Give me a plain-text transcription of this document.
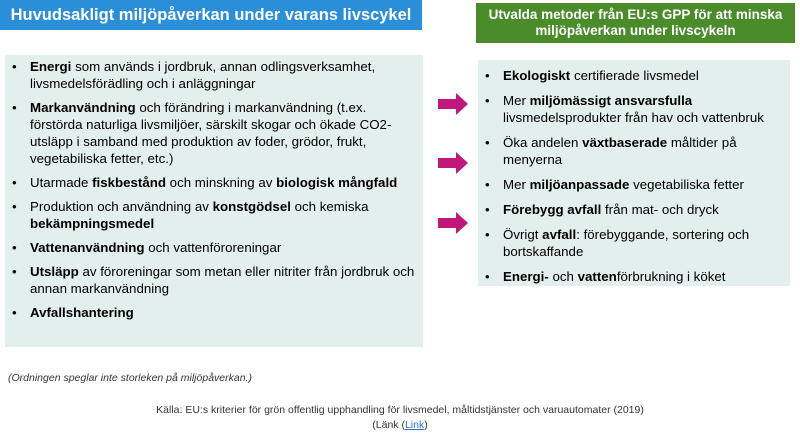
Huvudsakligt miljöpåverkan under varans livscykel	Utvalda metoder från EU:s GPP för att minska miljöpåverkan under livscykeln
• Energi som används i jordbruk, annan odlingsverksamhet, livsmedelsförädling och i anläggningar
• Markanvändning och förändring i markanvändning (t.ex. förstörda naturliga livsmiljöer, särskilt skogar och ökade CO2-utsläpp i samband med produktion av foder, grödor, frukt, vegetabiliska fetter, etc.)
• Utarmade fiskbestånd och minskning av biologisk mångfald
• Produktion och användning av konstgödsel och kemiska bekämpningsmedel
• Vattenanvändning och vattenföroreningar
• Utsläpp av föroreningar som metan eller nitriter från jordbruk och annan markanvändning
• Avfallshantering
• Ekologiskt certifierade livsmedel
• Mer miljömässigt ansvarsfulla livsmedelsprodukter från hav och vattenbruk
• Öka andelen växtbaserade måltider på menyerna
• Mer miljöanpassade vegetabiliska fetter
• Förebygg avfall från mat- och dryck
• Övrigt avfall: förebyggande, sortering och bortskaffande
• Energi- och vattenförbrukning i köket
(Ordningen speglar inte storleken på miljöpåverkan.)
Källa: EU:s kriterier för grön offentlig upphandling för livsmedel, måltidstjänster och varuautomater (2019)
(Länk (Link)
